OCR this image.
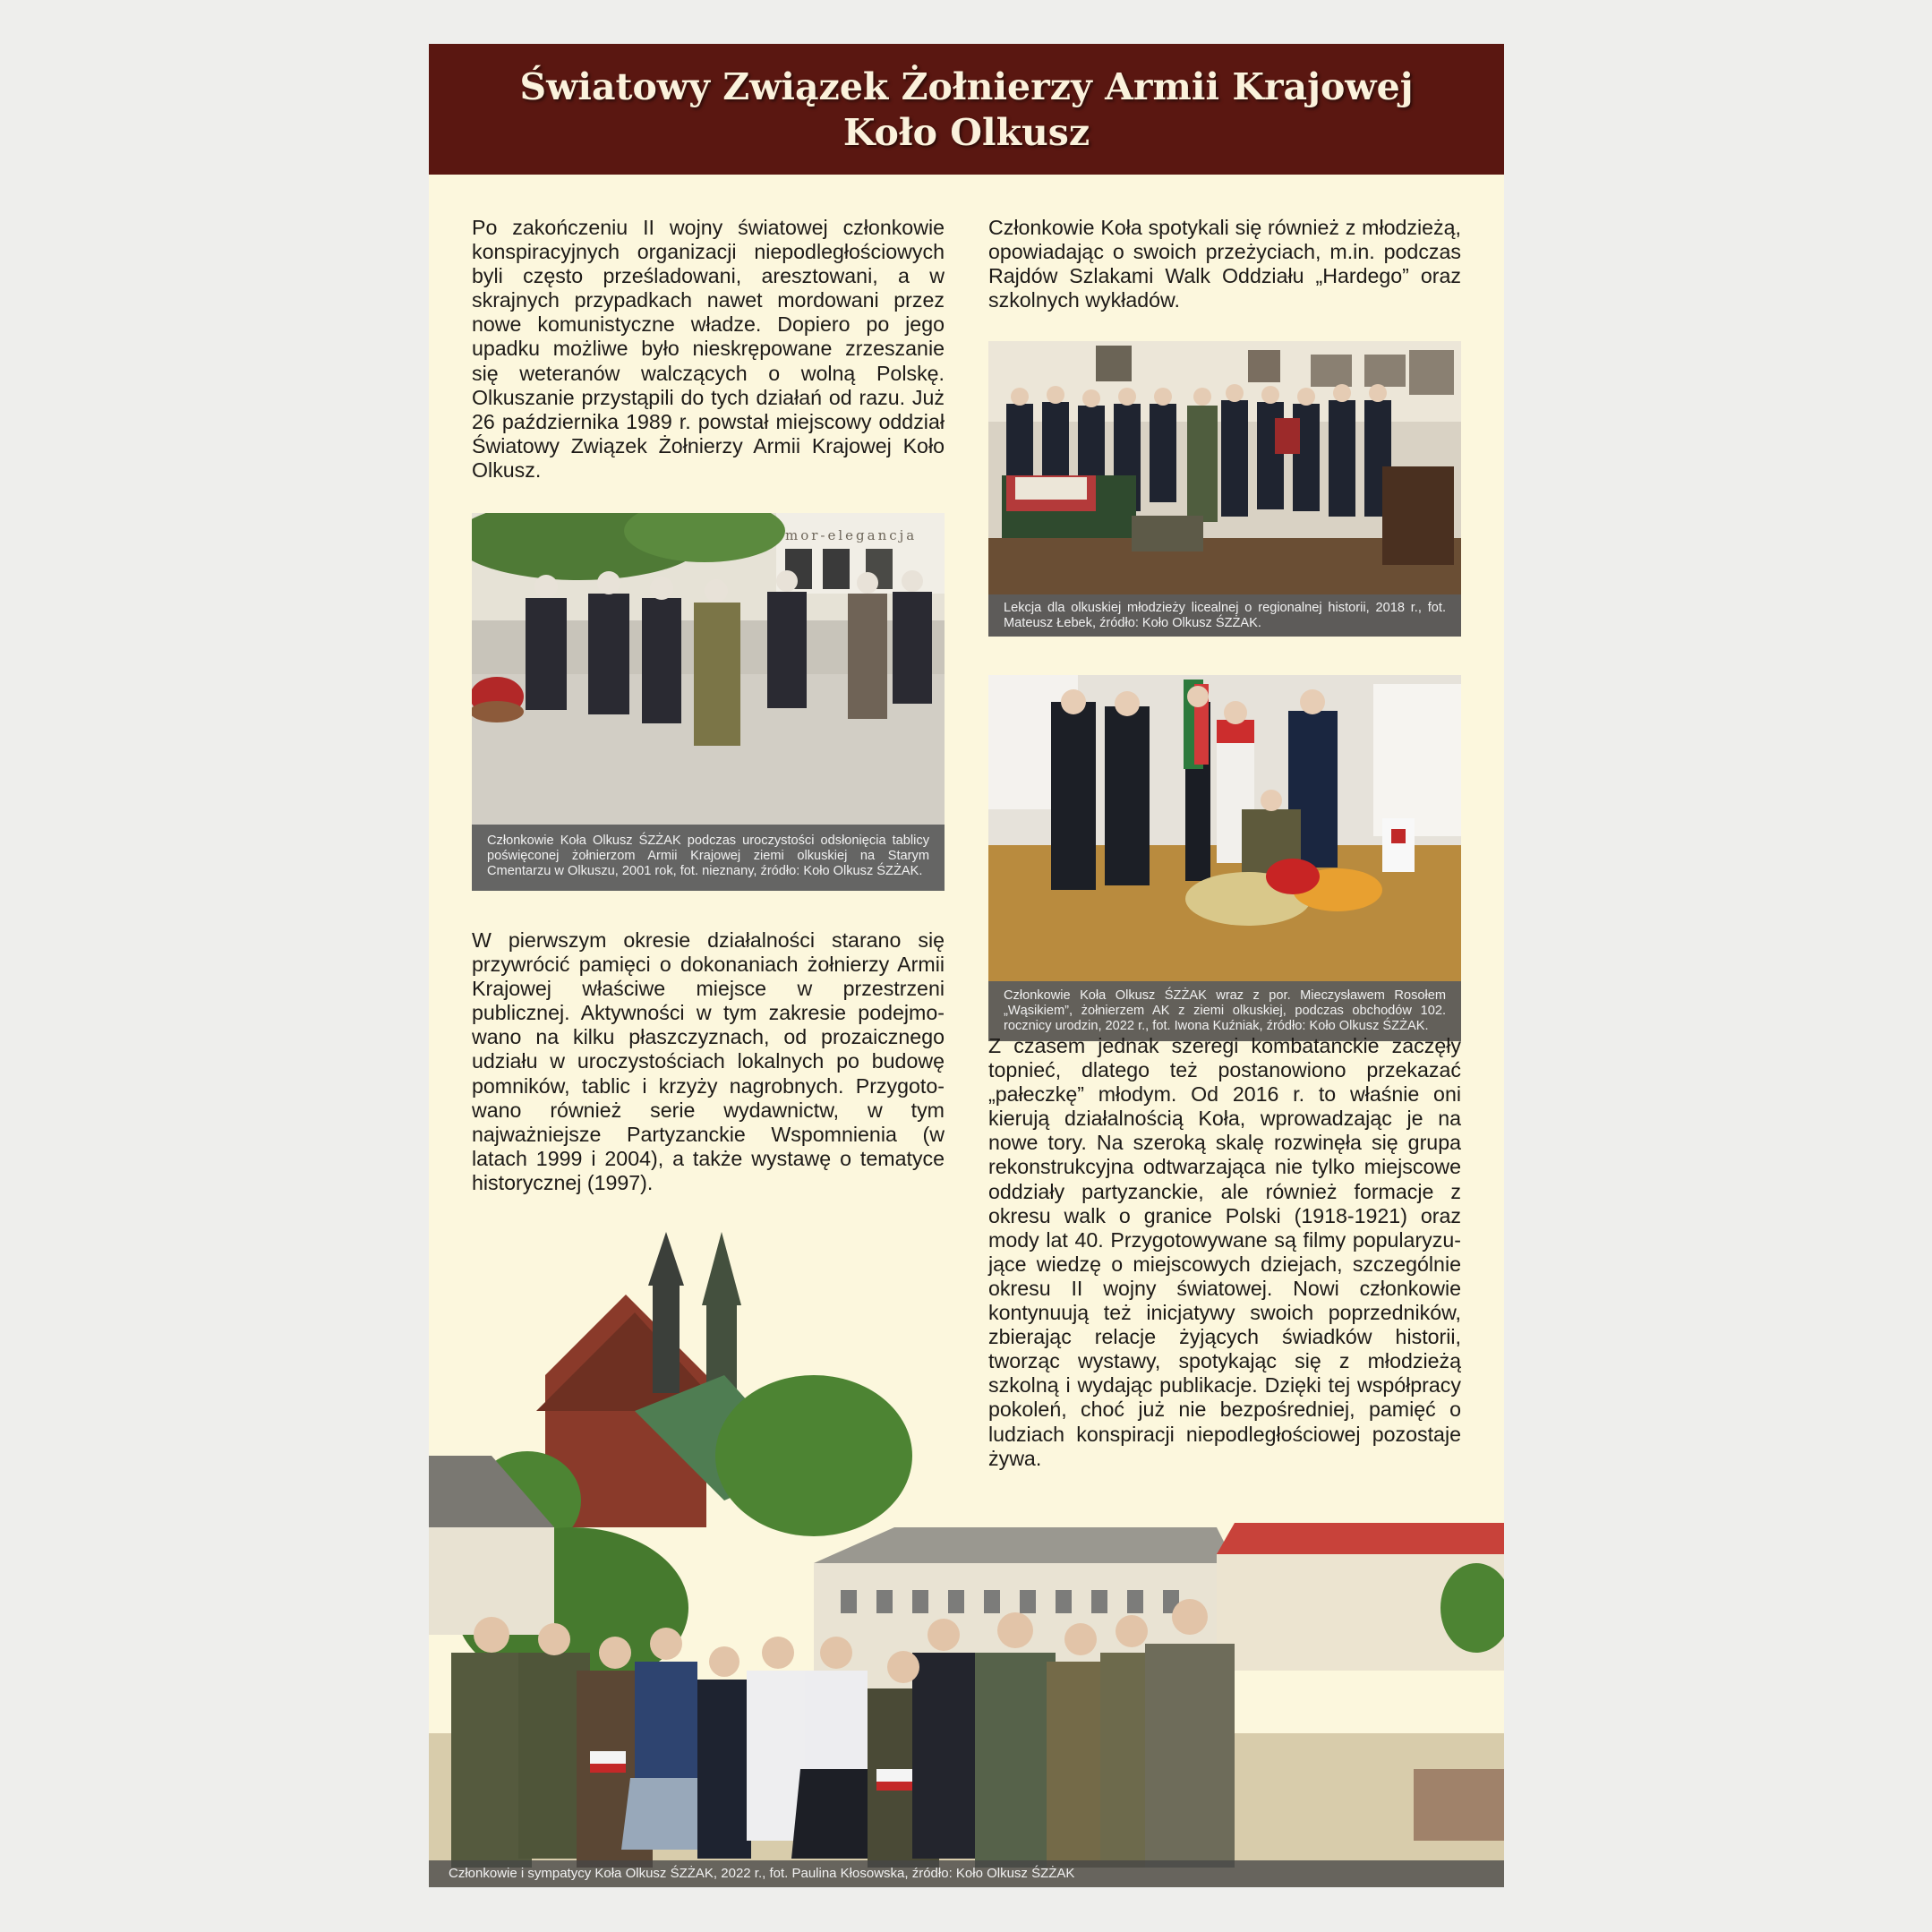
Światowy Związek Żołnierzy Armii Krajowej
Koło Olkusz
Po zakończeniu II wojny światowej członkowie konspiracyjnych organizacji niepodległościowych byli często prześladowani, aresztowani, a w skrajnych przypadkach nawet mordowani przez nowe komunistyczne władze. Dopiero po jego upadku możliwe było nieskrępowane zrzeszanie się weteranów walczących o wolną Polskę. Olkuszanie przystąpili do tych działań od razu. Już 26 października 1989 r. powstał miejscowy oddział Światowy Związek Żołnierzy Armii Krajowej Koło Olkusz.
mor-elegancja
Członkowie Koła Olkusz ŚZŻAK podczas uroczystości odsłonięcia tablicy poświęconej żołnierzom Armii Krajowej ziemi olkuskiej na Starym Cmentarzu w Olkuszu, 2001 rok, fot. nieznany, źródło: Koło Olkusz ŚZŻAK.
W pierwszym okresie działalności starano się przywrócić pamięci o dokonaniach żołnierzy Armii Krajowej właściwe miejsce w przestrzeni publicznej. Aktywności w tym zakresie podejmowano na kilku płaszczyznach, od prozaicznego udziału w uroczystościach lokalnych po budowę pomników, tablic i krzyży nagrobnych. Przygotowano również serie wydawnictw, w tym najważniejsze Partyzanckie Wspomnienia (w latach 1999 i 2004), a także wystawę o tematyce historycznej (1997).
Członkowie Koła spotykali się również z młodzieżą, opowiadając o swoich przeżyciach, m.in. podczas Rajdów Szlakami Walk Oddziału „Hardego” oraz szkolnych wykładów.
Lekcja dla olkuskiej młodzieży licealnej o regionalnej historii, 2018 r., fot. Mateusz Łebek, źródło: Koło Olkusz ŚZŻAK.
Członkowie Koła Olkusz ŚZŻAK wraz z por. Mieczysławem Rosołem „Wąsikiem”, żołnierzem AK z ziemi olkuskiej, podczas obchodów 102. rocznicy urodzin, 2022 r., fot. Iwona Kuźniak, źródło: Koło Olkusz ŚZŻAK.
Z czasem jednak szeregi kombatanckie zaczęły topnieć, dlatego też postanowiono przekazać „pałeczkę” młodym. Od 2016 r. to właśnie oni kierują działalnością Koła, wprowadzając je na nowe tory. Na szeroką skalę rozwinęła się grupa rekonstrukcyjna odtwarzająca nie tylko miejscowe oddziały partyzanckie, ale również formacje z okresu walk o granice Polski (1918-1921) oraz mody lat 40. Przygotowywane są filmy popularyzujące wiedzę o miejscowych dziejach, szczególnie okresu II wojny światowej. Nowi członkowie kontynuują też inicjatywy swoich poprzedników, zbierając relacje żyjących świadków historii, tworząc wystawy, spotykając się z młodzieżą szkolną i wydając publikacje. Dzięki tej współpracy pokoleń, choć już nie bezpośredniej, pamięć o ludziach konspiracji niepodległościowej pozostaje żywa.
Członkowie i sympatycy Koła Olkusz ŚZŻAK, 2022 r., fot. Paulina Kłosowska, źródło: Koło Olkusz ŚZŻAK
